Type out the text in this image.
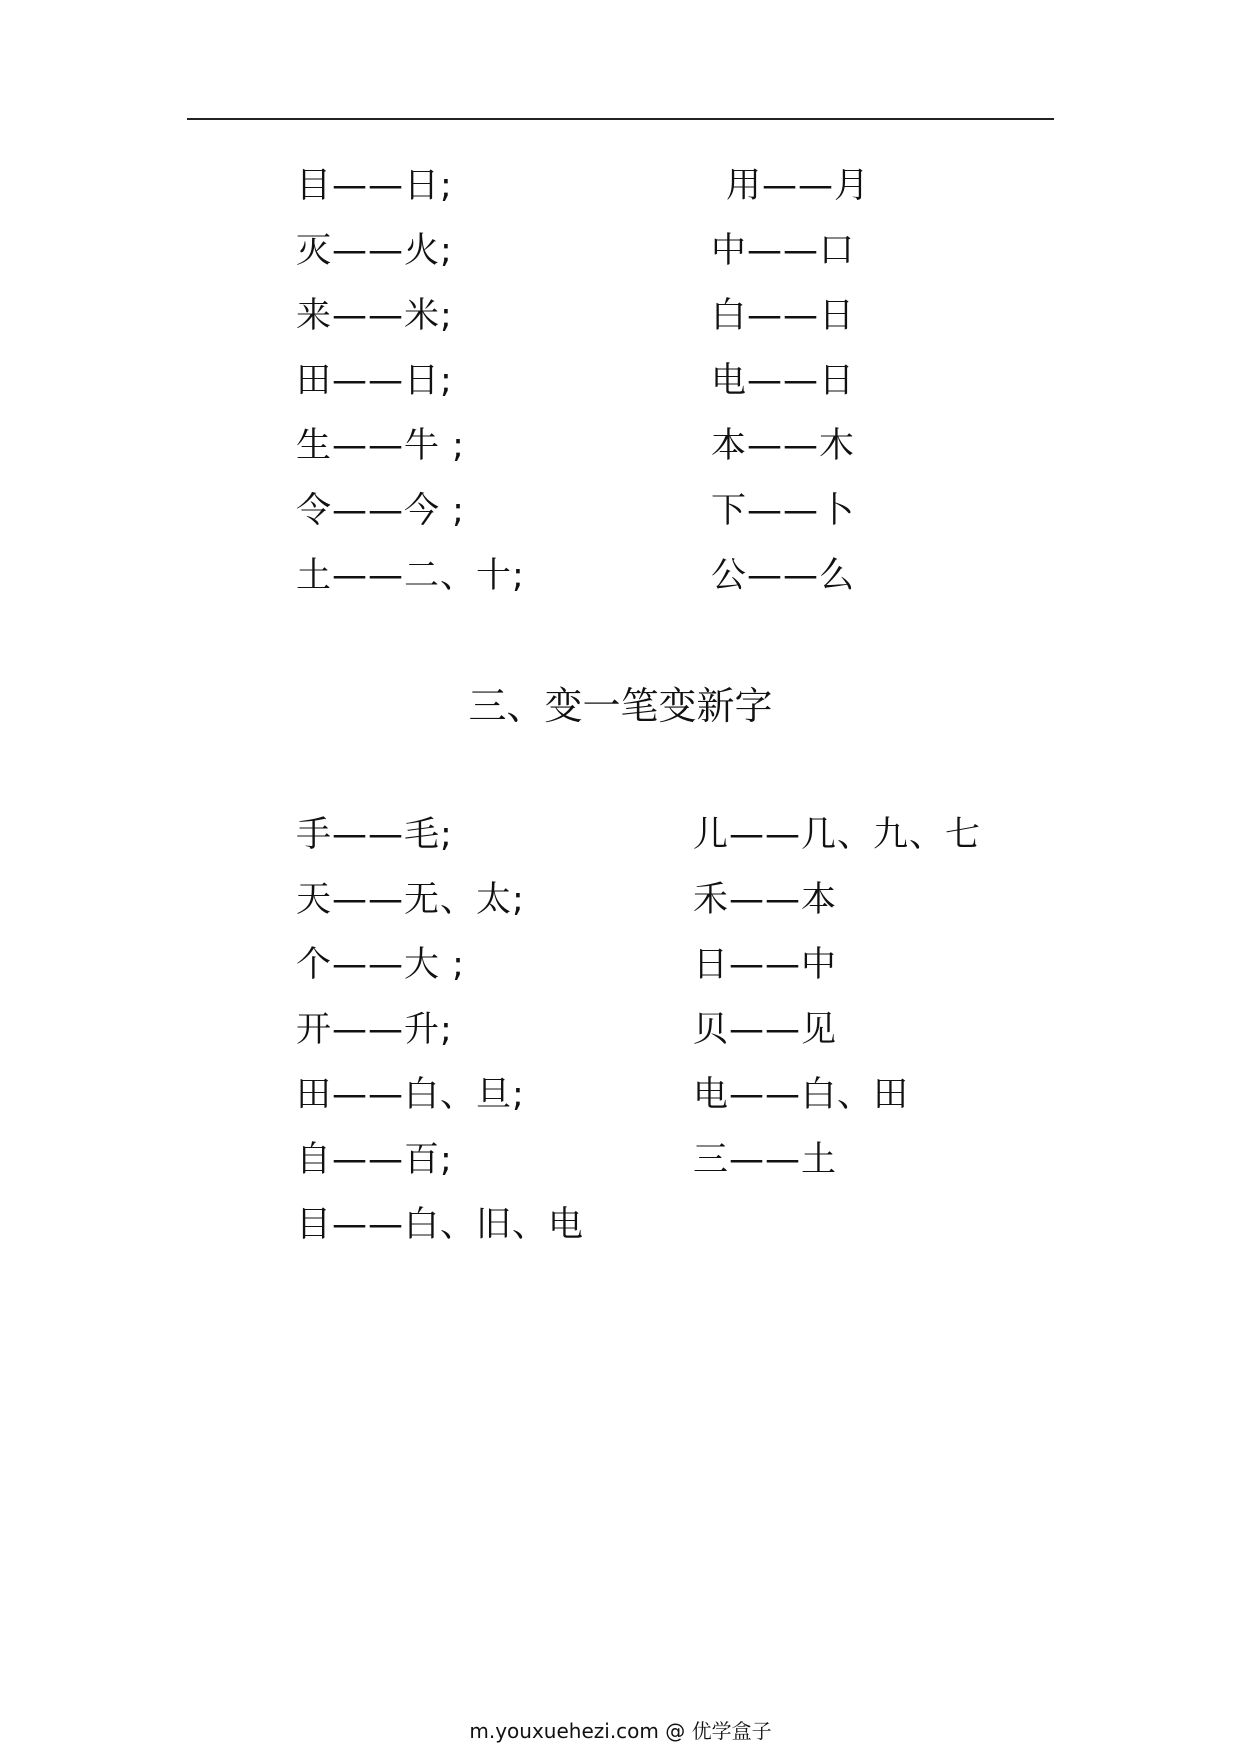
目——日;
灭——火;
来——米;
田——日;
生——牛 ;
令——今 ;
土——二、十;
用——月
中——口
白——日
电——日
本——木
下——卜
公——么
三、变一笔变新字
手——毛;
天——无、太;
个——大 ;
开——升;
田——白、旦;
自——百;
目——白、旧、电
儿——几、九、七
禾——本
日——中
贝——见
电——白、田
三——土
m.youxuehezi.com @ 优学盒子
